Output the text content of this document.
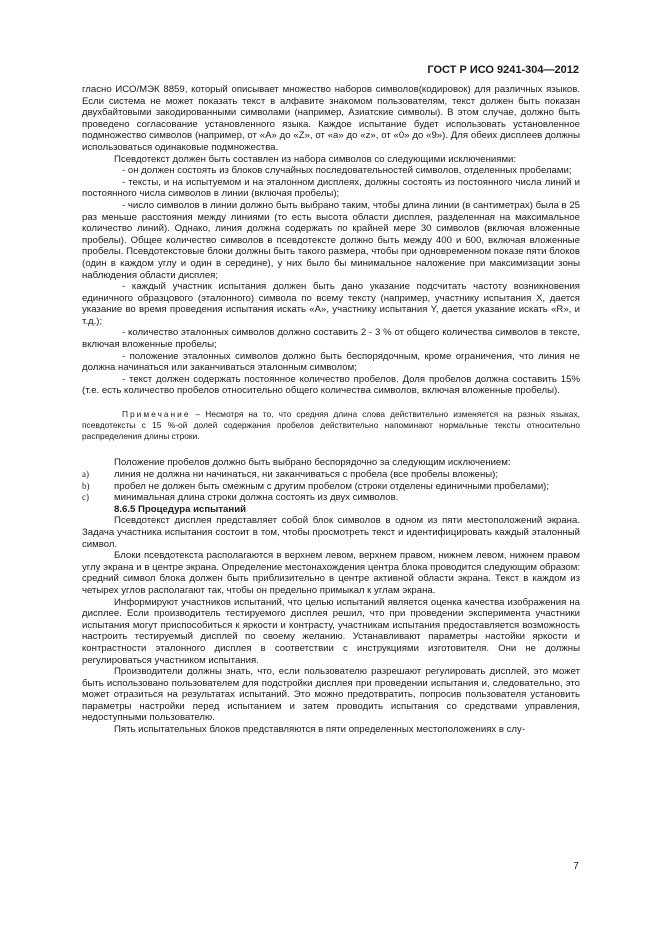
ГОСТ Р ИСО 9241-304—2012

гласно ИСО/МЭК 8859, который описывает множество наборов символов(кодировок) для различных языков. Если система не может показать текст в алфавите знакомом пользователям, текст должен быть показан двухбайтовыми закодированными символами (например, Азиатские символы). В этом случае, должно быть проведено согласование установленного языка. Каждое испытание будет использовать установленное подмножество символов (например, от «А» до «Z», от «а» до «z», от «0» до «9»). Для обеих дисплеев должны использоваться одинаковые подмножества.

Псевдотекст должен быть составлен из набора символов со следующими исключениями:

- он должен состоять из блоков случайных последовательностей символов, отделенных пробелами;

- тексты, и на испытуемом и на эталонном дисплеях, должны состоять из постоянного числа линий и постоянного числа символов в линии (включая пробелы);

- число символов в линии должно быть выбрано таким, чтобы длина линии (в сантиметрах) была в 25 раз меньше расстояния между линиями (то есть высота области дисплея, разделенная на максимальное количество линий). Однако, линия должна содержать по крайней мере 30 символов (включая вложенные пробелы). Общее количество символов в псевдотексте должно быть между 400 и 600, включая вложенные пробелы. Псевдотекстовые блоки должны быть такого размера, чтобы при одновременном показе пяти блоков (один в каждом углу и один в середине), у них было бы минимальное наложение при максимизации зоны наблюдения области дисплея;

- каждый участник испытания должен быть дано указание подсчитать частоту возникновения единичного образцового (эталонного) символа по всему тексту (например, участнику испытания X, дается указание во время проведения испытания искать «А», участнику испытания Y, дается указание искать «R», и т.д.);

- количество эталонных символов должно составить 2 - 3 % от общего количества символов в тексте, включая вложенные пробелы;

- положение эталонных символов должно быть беспорядочным, кроме ограничения, что линия не должна начинаться или заканчиваться эталонным символом;

- текст должен содержать постоянное количество пробелов. Доля пробелов должна составить 15% (т.е. есть количество пробелов относительно общего количества символов, включая вложенные пробелы).

Примечание – Несмотря на то, что средняя длина слова действительно изменяется на разных языках, псевдотексты с 15 %-ой долей содержания пробелов действительно напоминают нормальные тексты относительно распределения длины строки.

Положение пробелов должно быть выбрано беспорядочно за следующим исключением:

a)	линия не должна ни начинаться, ни заканчиваться с пробела (все пробелы вложены);
b)	пробел не должен быть смежным с другим пробелом (строки отделены единичными пробелами);
c)	минимальная длина строки должна состоять из двух символов.

8.6.5 Процедура испытаний

Псевдотекст дисплея представляет собой блок символов в одном из пяти местоположений экрана. Задача участника испытания состоит в том, чтобы просмотреть текст и идентифицировать каждый эталонный символ.

Блоки псевдотекста располагаются в верхнем левом, верхнем правом, нижнем левом, нижнем правом углу экрана и в центре экрана. Определение местонахождения центра блока проводится следующим образом: средний символ блока должен быть приблизительно в центре активной области экрана. Текст в каждом из четырех углов располагают так, чтобы он предельно примыкал к углам экрана.

Информируют участников испытаний, что целью испытаний является оценка качества изображения на дисплее. Если производитель тестируемого дисплея решил, что при проведении эксперимента участники испытания могут приспособиться к яркости и контрасту, участникам испытания предоставляется возможность настроить тестируемый дисплей по своему желанию. Устанавливают параметры настойки яркости и контрастности эталонного дисплея в соответствии с инструкциями изготовителя. Они не должны регулироваться участником испытания.

Производители должны знать, что, если пользователю разрешают регулировать дисплей, это может быть использовано пользователем для подстройки дисплея при проведении испытания и, следовательно, это может отразиться на результатах испытаний. Это можно предотвратить, попросив пользователя установить параметры настройки перед испытанием и затем проводить испытания со средствами управления, недоступными пользователю.

Пять испытательных блоков представляются в пяти определенных местоположениях в слу-

7
